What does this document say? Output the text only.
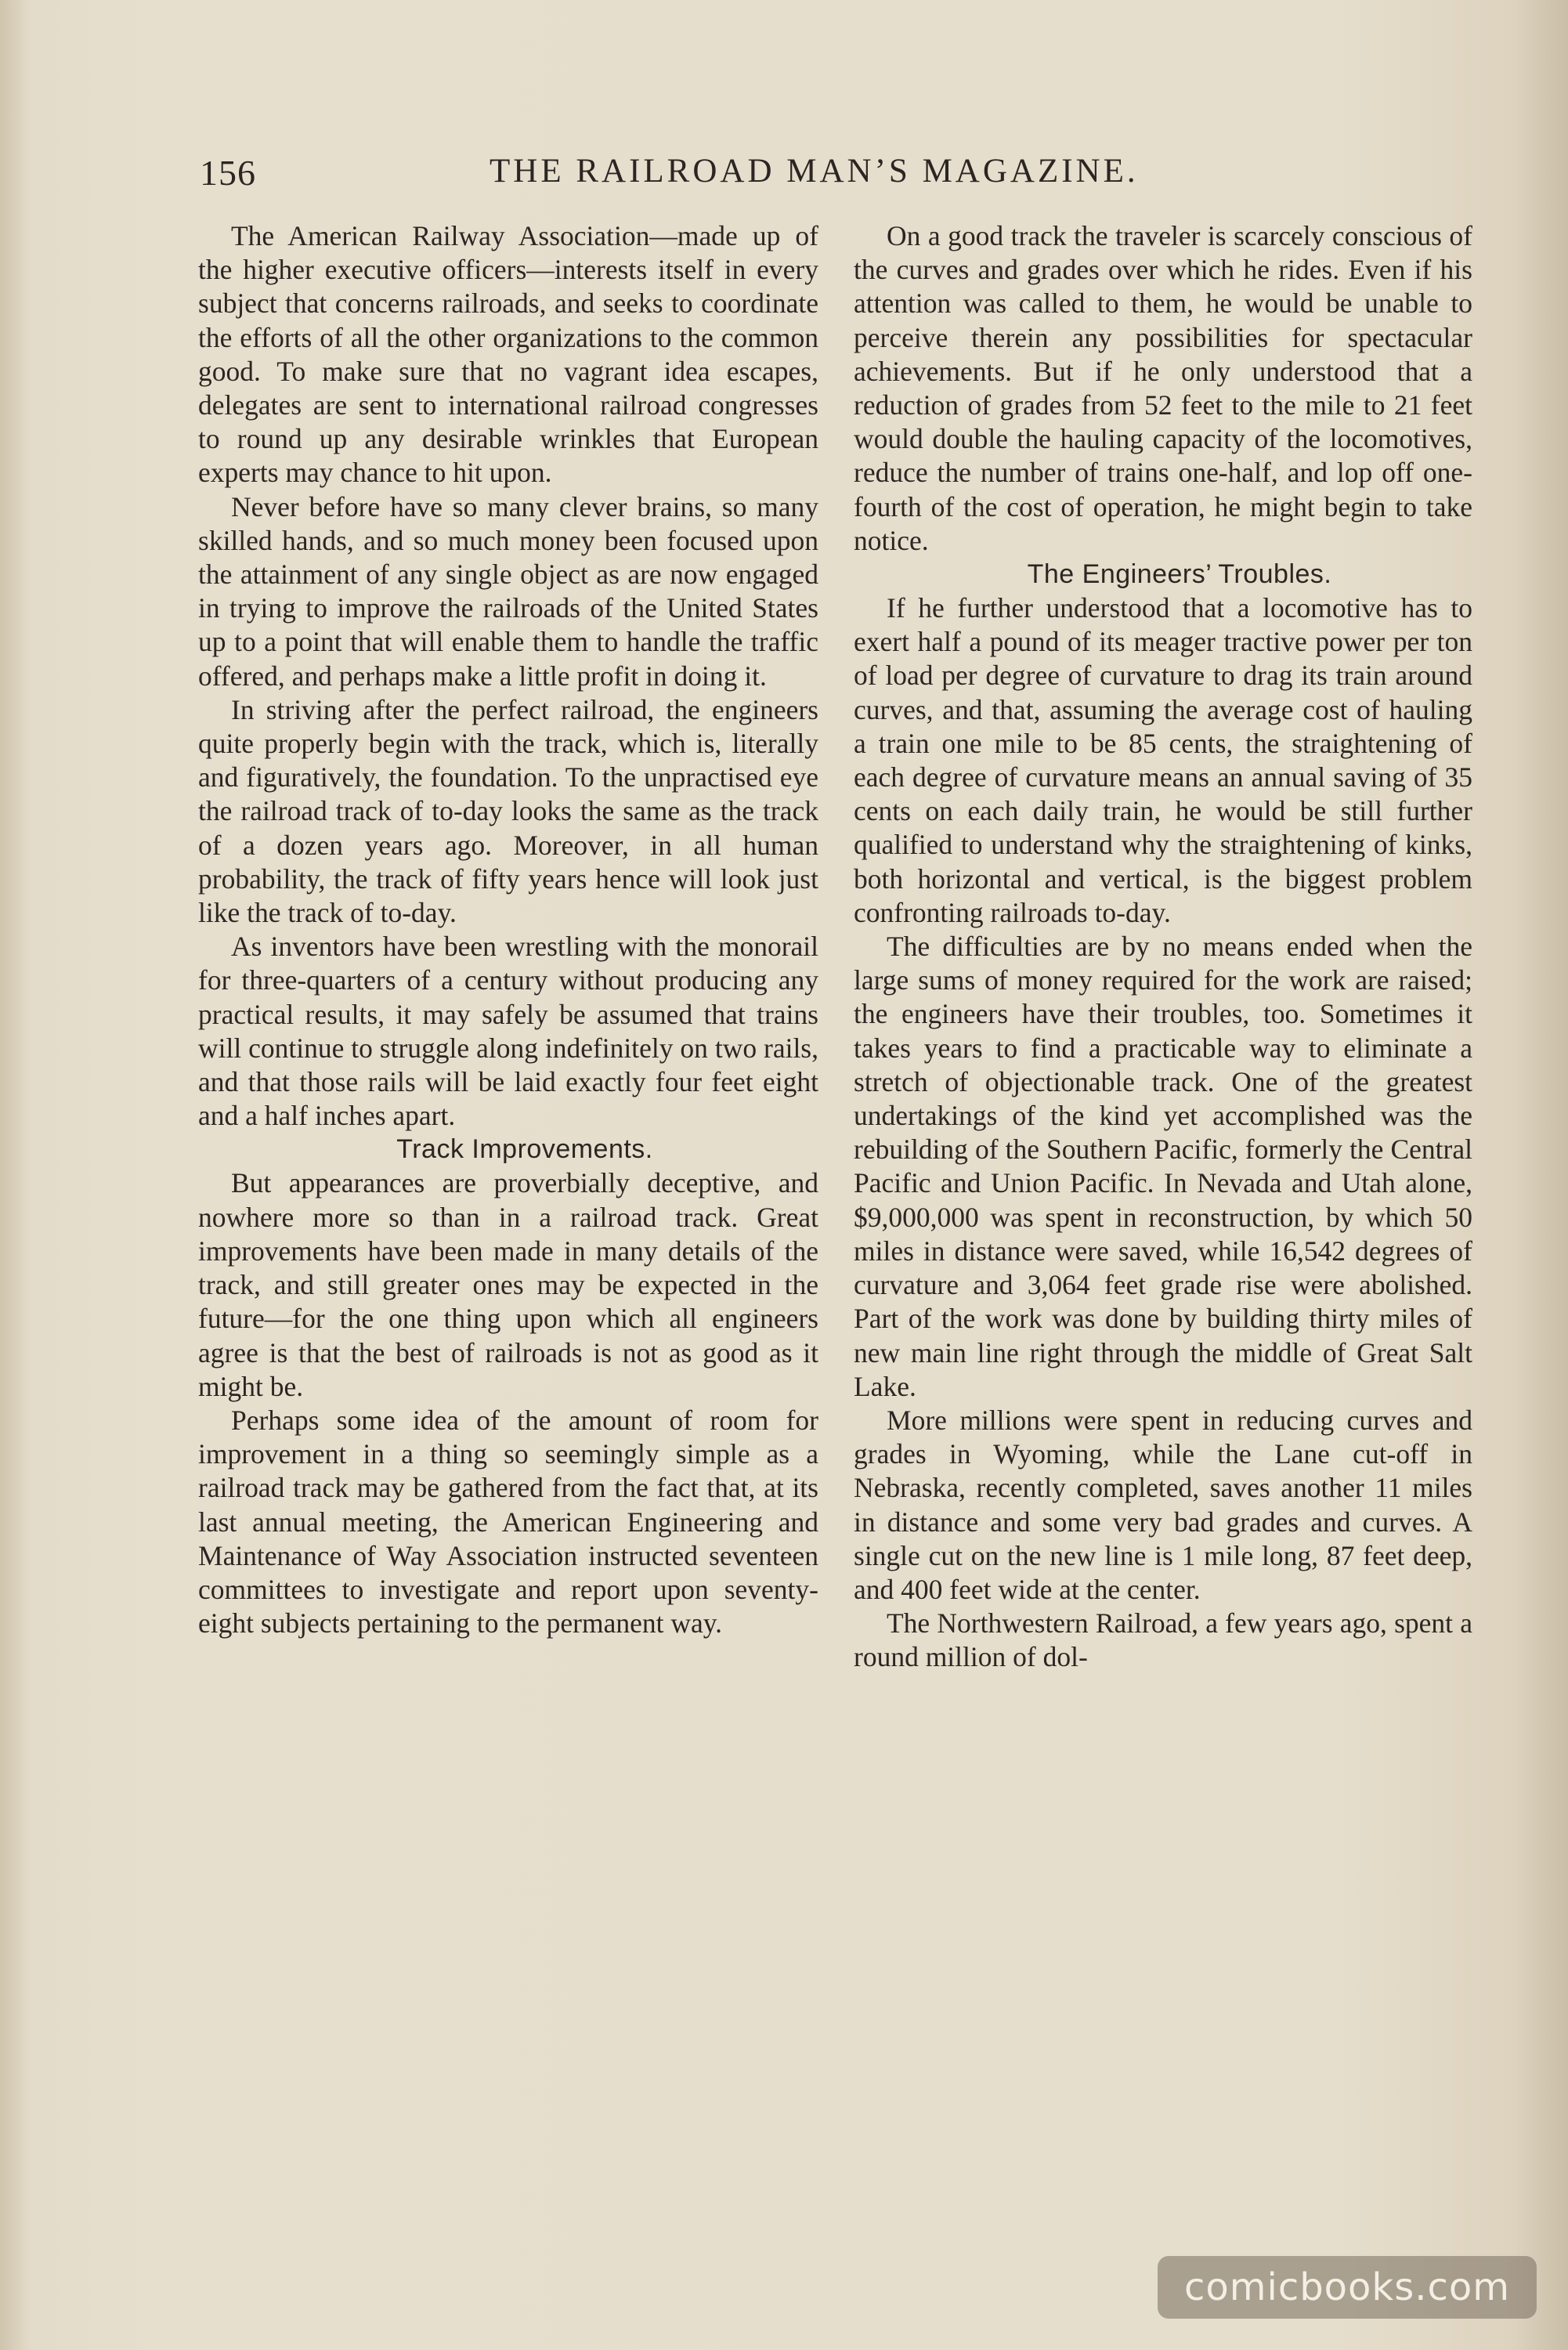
156	THE RAILROAD MAN’S MAGAZINE.

The American Railway Association—made up of the higher executive officers—interests itself in every subject that concerns railroads, and seeks to coordinate the efforts of all the other organizations to the common good. To make sure that no vagrant idea escapes, delegates are sent to international railroad congresses to round up any desirable wrinkles that European experts may chance to hit upon.

Never before have so many clever brains, so many skilled hands, and so much money been focused upon the attainment of any single object as are now engaged in trying to improve the railroads of the United States up to a point that will enable them to handle the traffic offered, and perhaps make a little profit in doing it.

In striving after the perfect railroad, the engineers quite properly begin with the track, which is, literally and figuratively, the foundation. To the unpractised eye the railroad track of to-day looks the same as the track of a dozen years ago. Moreover, in all human probability, the track of fifty years hence will look just like the track of to-day.

As inventors have been wrestling with the monorail for three-quarters of a century without producing any practical results, it may safely be assumed that trains will continue to struggle along indefinitely on two rails, and that those rails will be laid exactly four feet eight and a half inches apart.

Track Improvements.

But appearances are proverbially deceptive, and nowhere more so than in a railroad track. Great improvements have been made in many details of the track, and still greater ones may be expected in the future—for the one thing upon which all engineers agree is that the best of railroads is not as good as it might be.

Perhaps some idea of the amount of room for improvement in a thing so seemingly simple as a railroad track may be gathered from the fact that, at its last annual meeting, the American Engineering and Maintenance of Way Association instructed seventeen committees to investigate and report upon seventy-eight subjects pertaining to the permanent way.

On a good track the traveler is scarcely conscious of the curves and grades over which he rides. Even if his attention was called to them, he would be unable to perceive therein any possibilities for spectacular achievements. But if he only understood that a reduction of grades from 52 feet to the mile to 21 feet would double the hauling capacity of the locomotives, reduce the number of trains one-half, and lop off one-fourth of the cost of operation, he might begin to take notice.

The Engineers’ Troubles.

If he further understood that a locomotive has to exert half a pound of its meager tractive power per ton of load per degree of curvature to drag its train around curves, and that, assuming the average cost of hauling a train one mile to be 85 cents, the straightening of each degree of curvature means an annual saving of 35 cents on each daily train, he would be still further qualified to understand why the straightening of kinks, both horizontal and vertical, is the biggest problem confronting railroads to-day.

The difficulties are by no means ended when the large sums of money required for the work are raised; the engineers have their troubles, too. Sometimes it takes years to find a practicable way to eliminate a stretch of objectionable track. One of the greatest undertakings of the kind yet accomplished was the rebuilding of the Southern Pacific, formerly the Central Pacific and Union Pacific. In Nevada and Utah alone, $9,000,000 was spent in reconstruction, by which 50 miles in distance were saved, while 16,542 degrees of curvature and 3,064 feet grade rise were abolished. Part of the work was done by building thirty miles of new main line right through the middle of Great Salt Lake.

More millions were spent in reducing curves and grades in Wyoming, while the Lane cut-off in Nebraska, recently completed, saves another 11 miles in distance and some very bad grades and curves. A single cut on the new line is 1 mile long, 87 feet deep, and 400 feet wide at the center.

The Northwestern Railroad, a few years ago, spent a round million of dol-

comicbooks.com
